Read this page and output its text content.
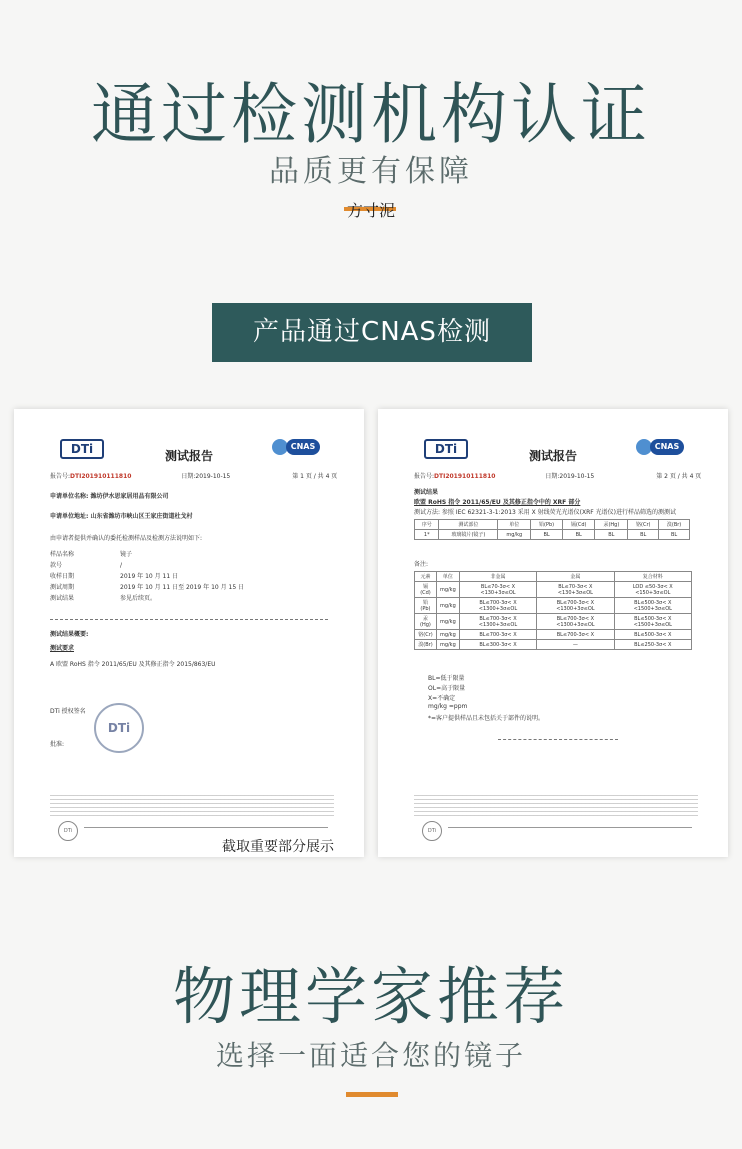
通过检测机构认证
品质更有保障
方寸泥
产品通过CNAS检测
DTi	CNAS
测试报告
报告号:DTI201910111810	日期:2019-10-15	第 1 页 / 共 4 页
申请单位名称: 潍坊伊水思家居用品有限公司
申请单位地址: 山东省潍坊市峡山区王家庄街道杜戈村
由申请者提供并确认的委托检测样品及检测方法说明如下:
样品名称	镜子
款号	/
收样日期	2019 年 10 月 11 日
测试周期	2019 年 10 月 11 日至 2019 年 10 月 15 日
测试结果	参见后续页。
测试结果概要:
测试要求
A 欧盟 RoHS 指令 2011/65/EU 及其修正指令 2015/863/EU
DTi 授权签名
批准:
DTi
DTi
DTi	CNAS
测试报告
报告号:DTI201910111810	日期:2019-10-15	第 2 页 / 共 4 页
测试结果
欧盟 RoHS 指令 2011/65/EU 及其修正指令中的 XRF 部分
测试方法: 参照 IEC 62321-3-1:2013 采用 X 射线荧光光谱仪(XRF 光谱仪)进行样品筛选的测测试
序号	测试部位	单位	铅(Pb)	镉(Cd)	汞(Hg)	铬(Cr)	溴(Br)
1*	玻璃镜片(镜子)	mg/kg	BL	BL	BL	BL	BL
备注:
元素	单位	非金属	金属	复合材料
镉(Cd)	mg/kg	BL≤70-3σ< X <130+3σ≤OL	BL≤70-3σ< X <130+3σ≤OL	LOD ≤50-3σ< X <150+3σ≤OL
铅(Pb)	mg/kg	BL≤700-3σ< X <1300+3σ≤OL	BL≤700-3σ< X <1300+3σ≤OL	BL≤500-3σ< X <1500+3σ≤OL
汞(Hg)	mg/kg	BL≤700-3σ< X <1300+3σ≤OL	BL≤700-3σ< X <1300+3σ≤OL	BL≤500-3σ< X <1500+3σ≤OL
铬(Cr)	mg/kg	BL≤700-3σ< X	BL≤700-3σ< X	BL≤500-3σ< X
溴(Br)	mg/kg	BL≤300-3σ< X	—	BL≤250-3σ< X
BL=低于限量
OL=高于限量
X=不确定
mg/kg =ppm
*=客户提供样品且未包括关于部件的说明。
DTi
截取重要部分展示
物理学家推荐
选择一面适合您的镜子
